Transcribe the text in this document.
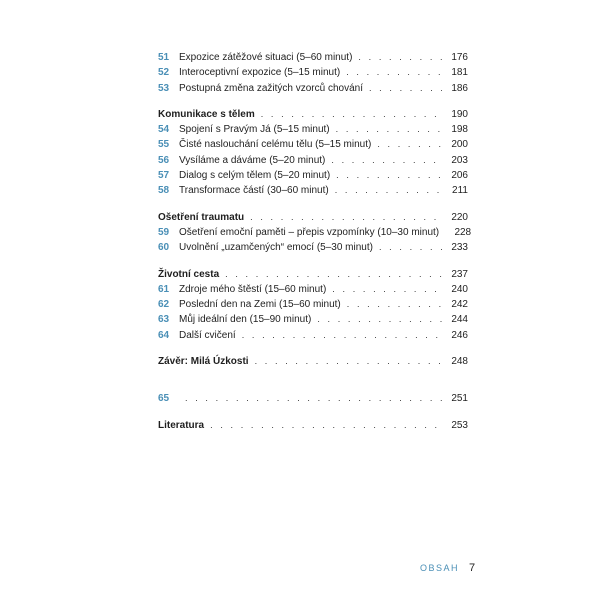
51 Expozice zátěžové situaci (5–60 minut) . . .	176
52 Interoceptivní expozice (5–15 minut) . . .	181
53 Postupná změna zažitých vzorců chování . . .	186
Komunikace s tělem . . .	190
54 Spojení s Pravým Já (5–15 minut) . . .	198
55 Čisté naslouchání celému tělu (5–15 minut) . . .	200
56 Vysíláme a dáváme (5–20 minut) . . .	203
57 Dialog s celým tělem (5–20 minut) . . .	206
58 Transformace částí (30–60 minut) . . .	211
Ošetření traumatu . . .	220
59 Ošetření emoční paměti – přepis vzpomínky (10–30 minut)	228
60 Uvolnění „uzamčených“ emocí (5–30 minut) . . .	233
Životní cesta . . .	237
61 Zdroje mého štěstí (15–60 minut) . . .	240
62 Poslední den na Zemi (15–60 minut) . . .	242
63 Můj ideální den (15–90 minut) . . .	244
64 Další cvičení . . .	246
Závěr: Milá Úzkosti . . .	248
65 . . .	251
Literatura . . .	253
OBSAH 7
